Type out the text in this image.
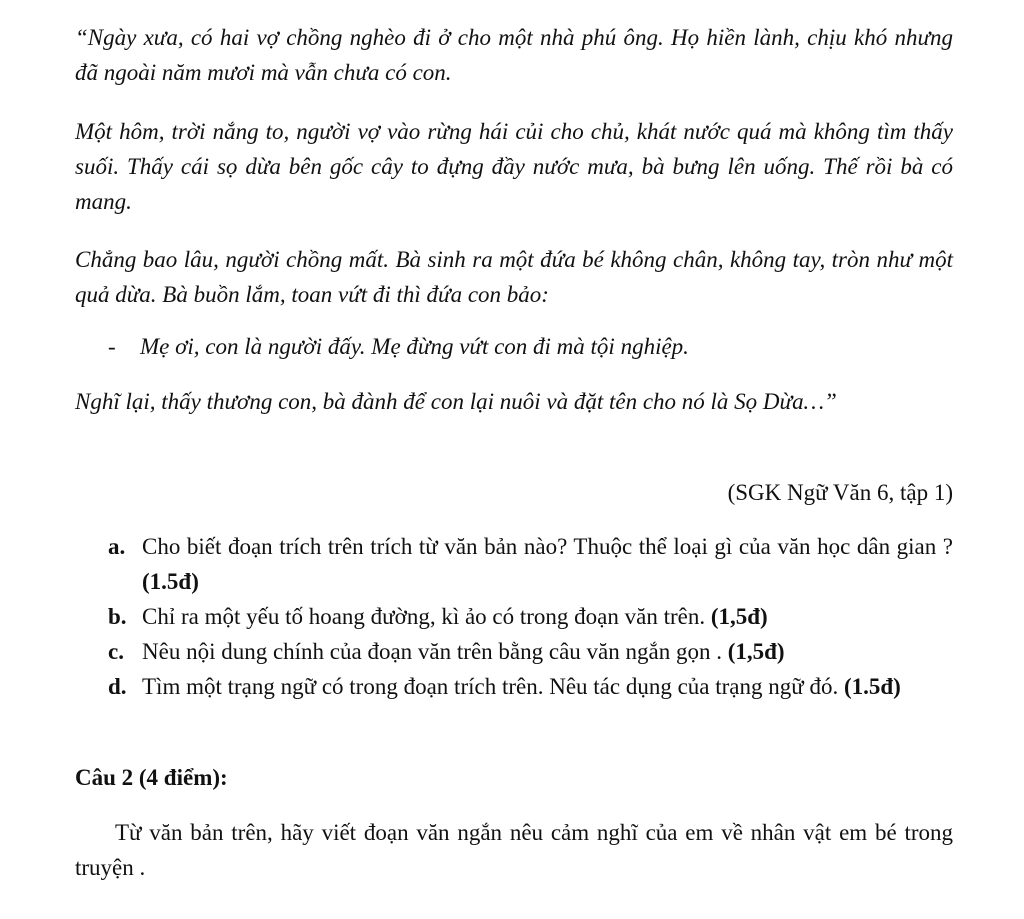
“Ngày xưa, có hai vợ chồng nghèo đi ở cho một nhà phú ông. Họ hiền lành, chịu khó nhưng đã ngoài năm mươi mà vẫn chưa có con.

Một hôm, trời nắng to, người vợ vào rừng hái củi cho chủ, khát nước quá mà không tìm thấy suối. Thấy cái sọ dừa bên gốc cây to đựng đầy nước mưa, bà bưng lên uống. Thế rồi bà có mang.

Chẳng bao lâu, người chồng mất. Bà sinh ra một đứa bé không chân, không tay, tròn như một quả dừa. Bà buồn lắm, toan vứt đi thì đứa con bảo:

- Mẹ ơi, con là người đấy. Mẹ đừng vứt con đi mà tội nghiệp.

Nghĩ lại, thấy thương con, bà đành để con lại nuôi và đặt tên cho nó là Sọ Dừa…”

(SGK Ngữ Văn 6, tập 1)
a. Cho biết đoạn trích trên trích từ văn bản nào? Thuộc thể loại gì của văn học dân gian ? (1.5đ)
b. Chỉ ra một yếu tố hoang đường, kì ảo có trong đoạn văn trên. (1,5đ)
c. Nêu nội dung chính của đoạn văn trên bằng câu văn ngắn gọn . (1,5đ)
d. Tìm một trạng ngữ có trong đoạn trích trên. Nêu tác dụng của trạng ngữ đó. (1.5đ)
Câu 2 (4 điểm):

Từ văn bản trên, hãy viết đoạn văn ngắn nêu cảm nghĩ của em về nhân vật em bé trong truyện .
